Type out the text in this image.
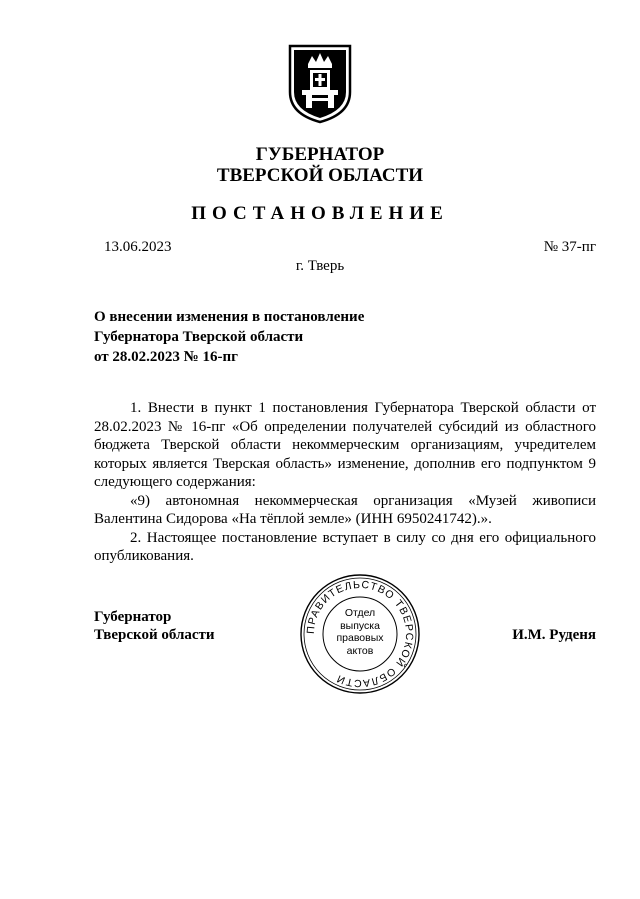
ГУБЕРНАТОР
ТВЕРСКОЙ ОБЛАСТИ
ПОСТАНОВЛЕНИЕ
13.06.2023	№ 37-пг
г. Тверь
О внесении изменения в постановление
Губернатора Тверской области
от 28.02.2023 № 16-пг

1. Внести в пункт 1 постановления Губернатора Тверской области от 28.02.2023 № 16-пг «Об определении получателей субсидий из областного бюджета Тверской области некоммерческим организациям, учредителем которых является Тверская область» изменение, дополнив его подпунктом 9 следующего содержания:

«9) автономная некоммерческая организация «Музей живописи Валентина Сидорова «На тёплой земле» (ИНН 6950241742).».

2. Настоящее постановление вступает в силу со дня его официального опубликования.

Губернатор
Тверской области	И.М. Руденя
ПРАВИТЕЛЬСТВО ТВЕРСКОЙ ОБЛАСТИ
Отдел
выпуска
правовых
актов
